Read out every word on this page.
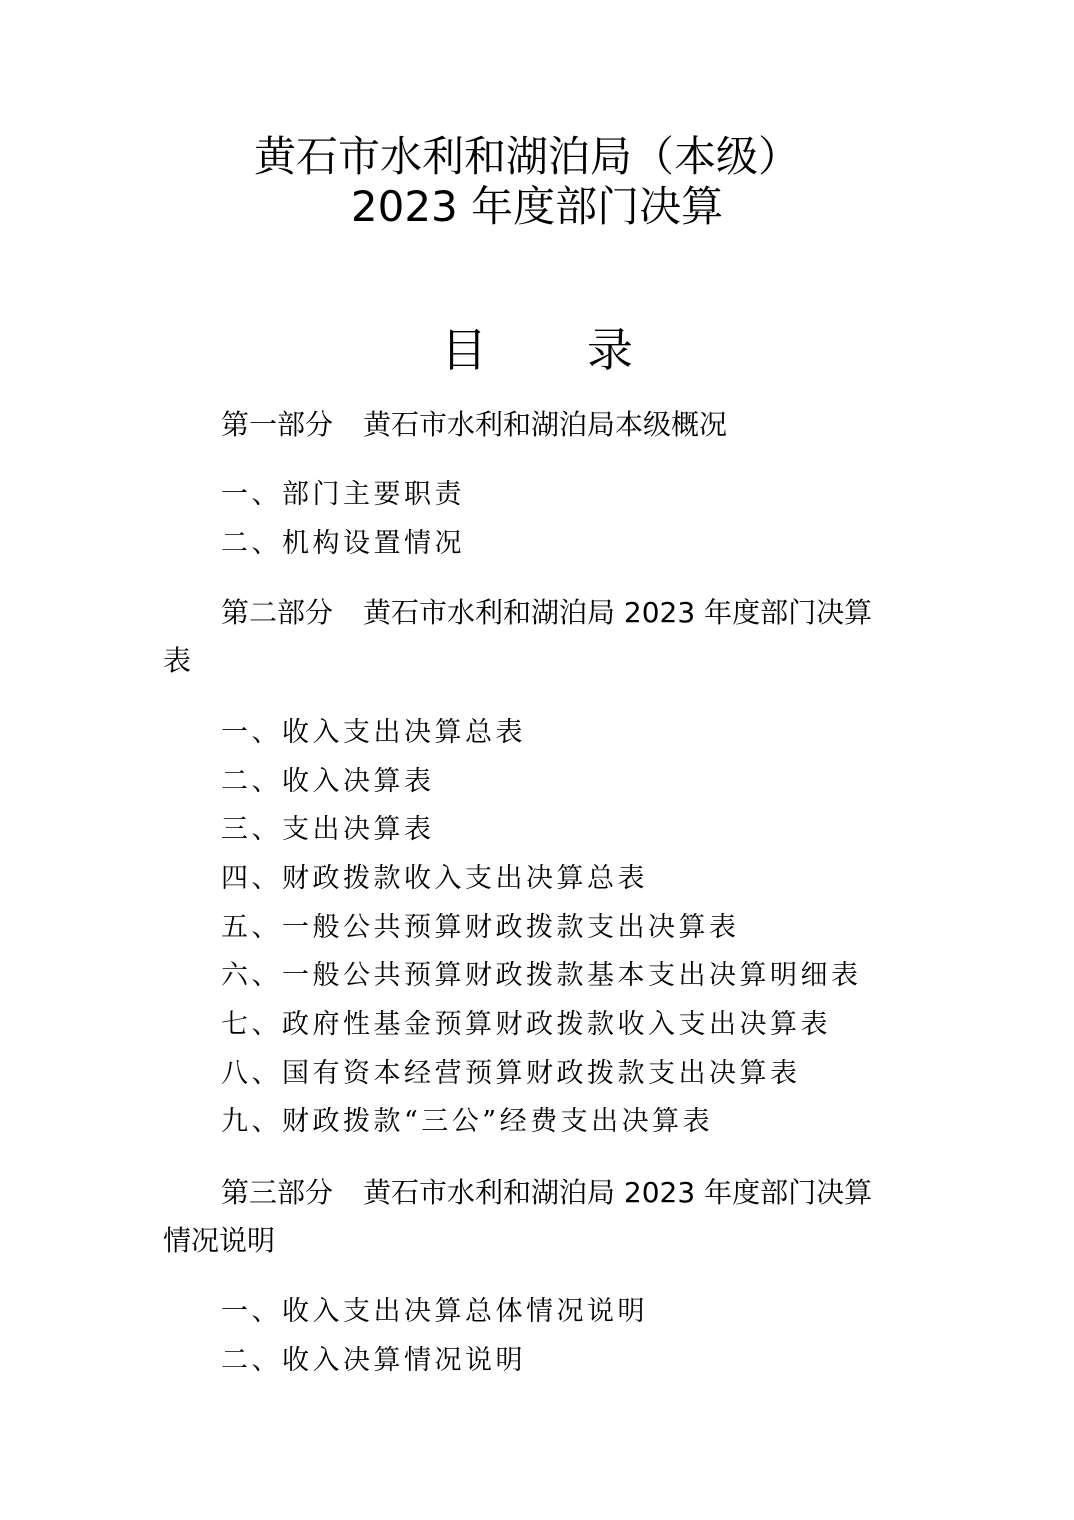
黄石市水利和湖泊局（本级）
2023 年度部门决算
目录

第一部分 黄石市水利和湖泊局本级概况

一、部门主要职责
二、机构设置情况

第二部分 黄石市水利和湖泊局 2023 年度部门决算表

一、收入支出决算总表
二、收入决算表
三、支出决算表
四、财政拨款收入支出决算总表
五、一般公共预算财政拨款支出决算表
六、一般公共预算财政拨款基本支出决算明细表
七、政府性基金预算财政拨款收入支出决算表
八、国有资本经营预算财政拨款支出决算表
九、财政拨款“三公”经费支出决算表

第三部分 黄石市水利和湖泊局 2023 年度部门决算情况说明

一、收入支出决算总体情况说明
二、收入决算情况说明
